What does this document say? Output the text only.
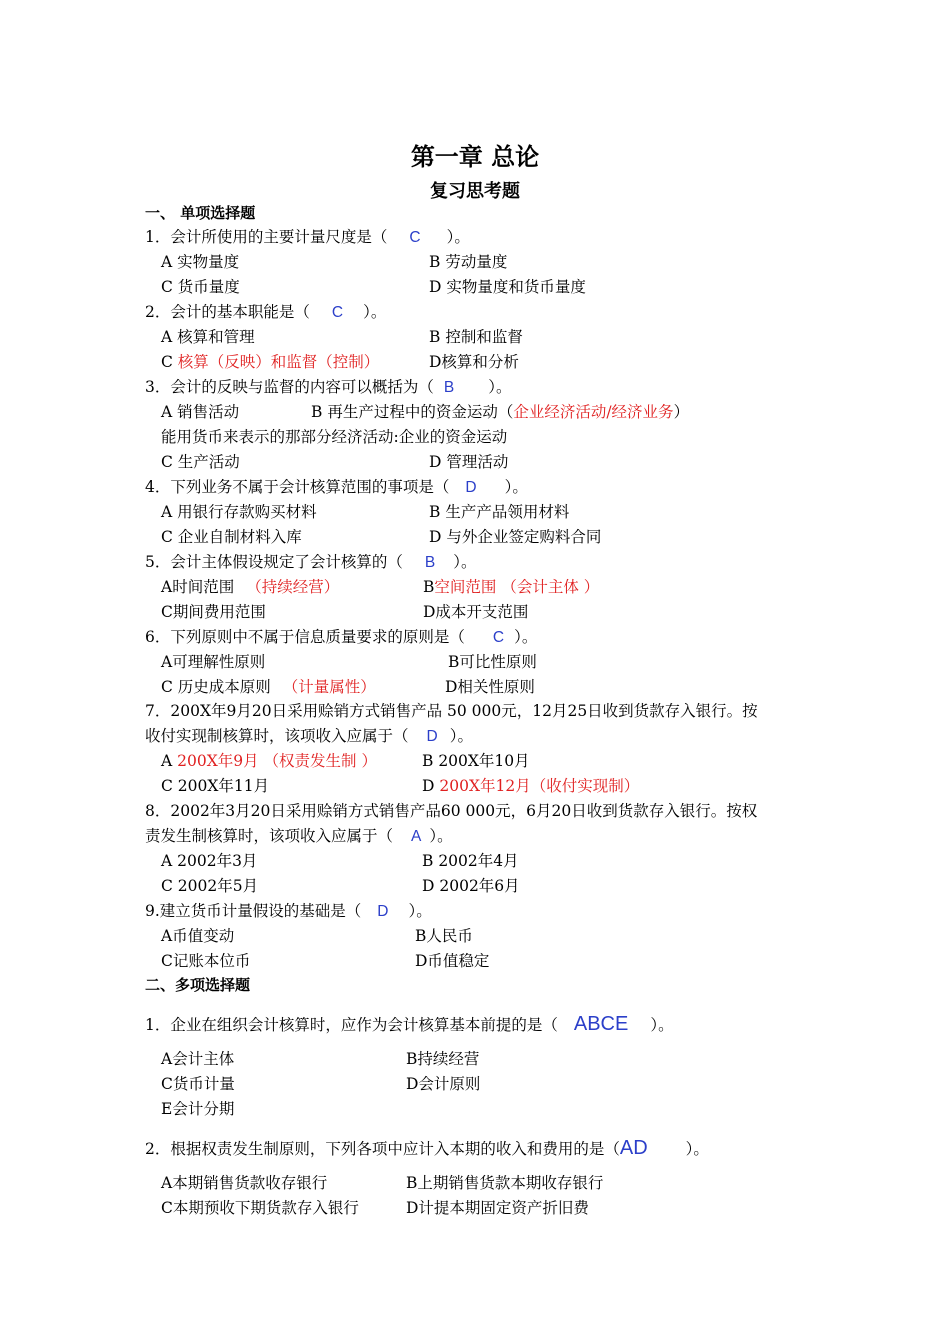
第一章 总论
复习思考题
一、 单项选择题
1．会计所使用的主要计量尺度是（ C ）。
A 实物量度	B 劳动量度
C 货币量度	D 实物量度和货币量度
2．会计的基本职能是（ C ）。
A 核算和管理	B 控制和监督
C 核算（反映）和监督（控制）	D核算和分析
3．会计的反映与监督的内容可以概括为（ B ）。
A 销售活动	B 再生产过程中的资金运动（企业经济活动/经济业务）
能用货币来表示的那部分经济活动:企业的资金运动
C 生产活动	D 管理活动
4．下列业务不属于会计核算范围的事项是（ D ）。
A 用银行存款购买材料	B 生产产品领用材料
C 企业自制材料入库	D 与外企业签定购料合同
5．会计主体假设规定了会计核算的（ B ）。
A时间范围 （持续经营）	B空间范围 （会计主体 ）
C期间费用范围	D成本开支范围
6．下列原则中不属于信息质量要求的原则是（ C ）。
A可理解性原则	B可比性原则
C 历史成本原则 （计量属性）	D相关性原则
7．200X年9月20日采用赊销方式销售产品 50 000元，12月25日收到货款存入银行。按
收付实现制核算时，该项收入应属于（ D ）。
A 200X年9月 （权责发生制 ）	B 200X年10月
C 200X年11月	D 200X年12月（收付实现制）
8．2002年3月20日采用赊销方式销售产品60 000元，6月20日收到货款存入银行。按权
责发生制核算时，该项收入应属于（ A ）。
A 2002年3月	B 2002年4月
C 2002年5月	D 2002年6月
9.建立货币计量假设的基础是（ D ）。
A币值变动	B人民币
C记账本位币	D币值稳定
二、多项选择题
1．企业在组织会计核算时，应作为会计核算基本前提的是（ ABCE ）。
A会计主体	B持续经营
C货币计量	D会计原则
E会计分期
2．根据权责发生制原则，下列各项中应计入本期的收入和费用的是（AD ）。
A本期销售货款收存银行	B上期销售货款本期收存银行
C本期预收下期货款存入银行	D计提本期固定资产折旧费
